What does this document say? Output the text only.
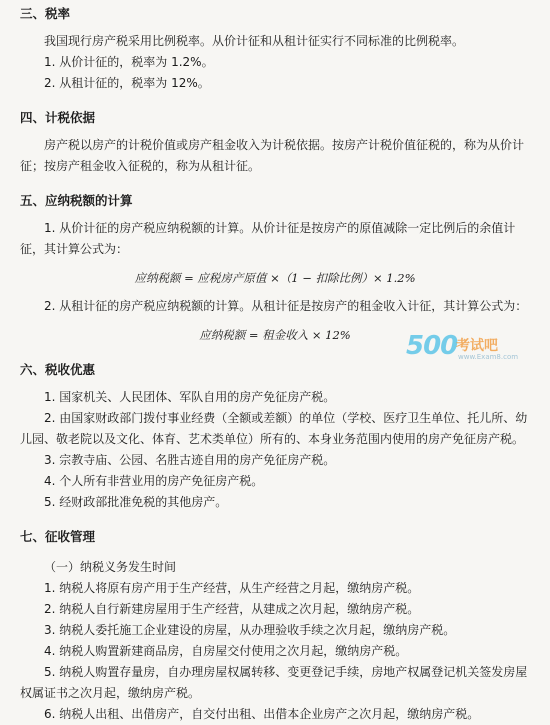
三、税率
我国现行房产税采用比例税率。从价计征和从租计征实行不同标准的比例税率。
1. 从价计征的，税率为 1.2%。
2. 从租计征的，税率为 12%。
四、计税依据
房产税以房产的计税价值或房产租金收入为计税依据。按房产计税价值征税的，称为从价计征；按房产租金收入征税的，称为从租计征。
五、应纳税额的计算
1. 从价计征的房产税应纳税额的计算。从价计征是按房产的原值减除一定比例后的余值计征，其计算公式为：
应纳税额 = 应税房产原值 ×（1 − 扣除比例）× 1.2%
2. 从租计征的房产税应纳税额的计算。从租计征是按房产的租金收入计征，其计算公式为：
应纳税额 = 租金收入 × 12%
六、税收优惠
1. 国家机关、人民团体、军队自用的房产免征房产税。
2. 由国家财政部门拨付事业经费（全额或差额）的单位（学校、医疗卫生单位、托儿所、幼儿园、敬老院以及文化、体育、艺术类单位）所有的、本身业务范围内使用的房产免征房产税。
3. 宗教寺庙、公园、名胜古迹自用的房产免征房产税。
4. 个人所有非营业用的房产免征房产税。
5. 经财政部批准免税的其他房产。
七、征收管理
（一）纳税义务发生时间
1. 纳税人将原有房产用于生产经营，从生产经营之月起，缴纳房产税。
2. 纳税人自行新建房屋用于生产经营，从建成之次月起，缴纳房产税。
3. 纳税人委托施工企业建设的房屋，从办理验收手续之次月起，缴纳房产税。
4. 纳税人购置新建商品房，自房屋交付使用之次月起，缴纳房产税。
5. 纳税人购置存量房，自办理房屋权属转移、变更登记手续，房地产权属登记机关签发房屋权属证书之次月起，缴纳房产税。
6. 纳税人出租、出借房产，自交付出租、出借本企业房产之次月起，缴纳房产税。
500
考试吧
www.Exam8.com
